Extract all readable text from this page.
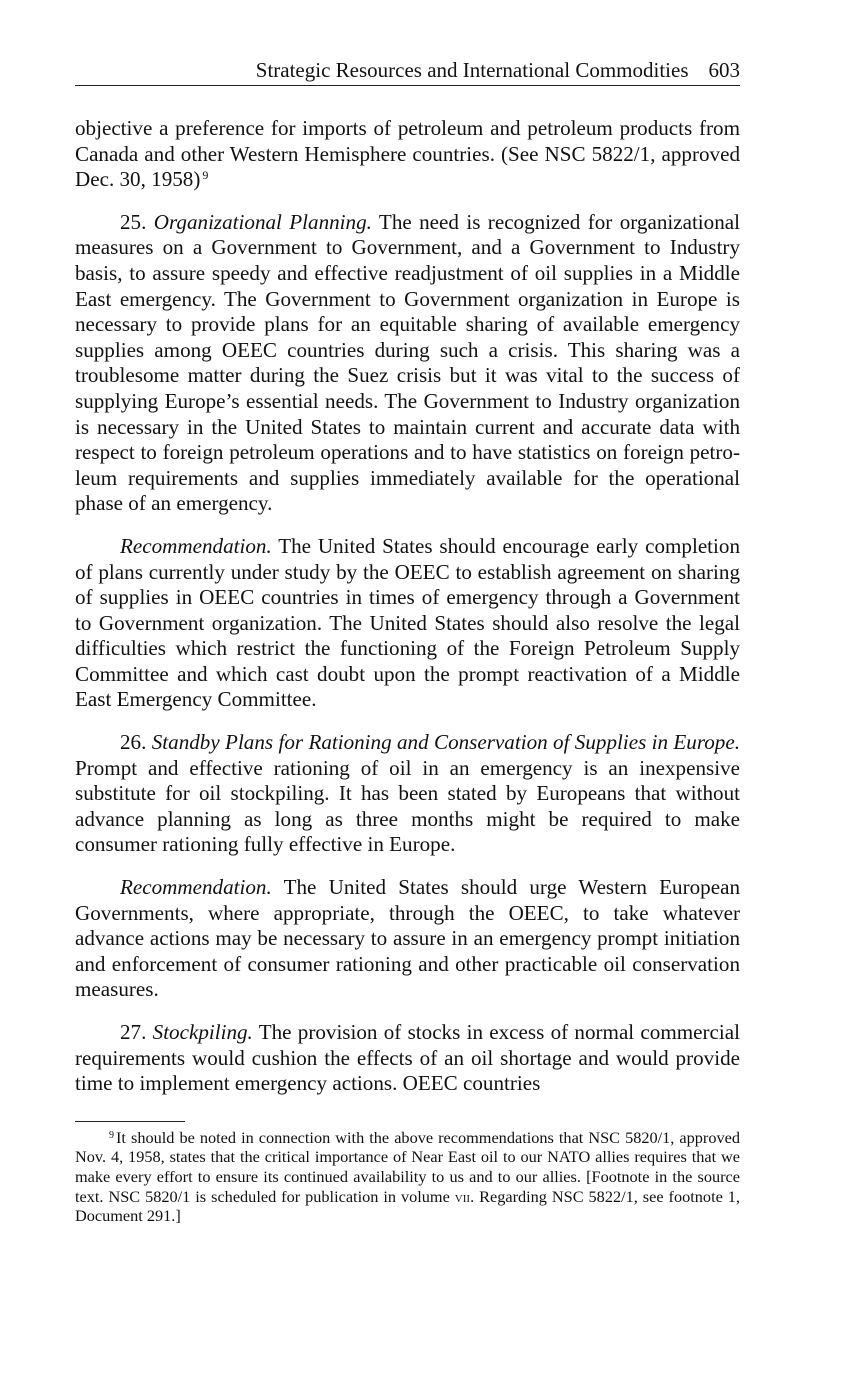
Strategic Resources and International Commodities 603

objective a preference for imports of petroleum and petroleum products from Canada and other Western Hemisphere countries. (See NSC 5822/1, approved Dec. 30, 1958) $^9$

25. Organizational Planning. The need is recognized for organizational measures on a Government to Government, and a Government to Industry basis, to assure speedy and effective readjustment of oil supplies in a Middle East emergency. The Government to Government organization in Europe is necessary to provide plans for an equitable sharing of available emergency supplies among OEEC countries during such a crisis. This sharing was a troublesome matter during the Suez crisis but it was vital to the success of supplying Europe’s essential needs. The Government to Industry organization is necessary in the United States to maintain current and accurate data with respect to foreign petroleum operations and to have statistics on foreign petroleum requirements and supplies immediately available for the operational phase of an emergency.

Recommendation. The United States should encourage early completion of plans currently under study by the OEEC to establish agreement on sharing of supplies in OEEC countries in times of emergency through a Government to Government organization. The United States should also resolve the legal difficulties which restrict the functioning of the Foreign Petroleum Supply Committee and which cast doubt upon the prompt reactivation of a Middle East Emergency Committee.

26. Standby Plans for Rationing and Conservation of Supplies in Europe. Prompt and effective rationing of oil in an emergency is an inexpensive substitute for oil stockpiling. It has been stated by Europeans that without advance planning as long as three months might be required to make consumer rationing fully effective in Europe.

Recommendation. The United States should urge Western European Governments, where appropriate, through the OEEC, to take whatever advance actions may be necessary to assure in an emergency prompt initiation and enforcement of consumer rationing and other practicable oil conservation measures.

27. Stockpiling. The provision of stocks in excess of normal commercial requirements would cushion the effects of an oil shortage and would provide time to implement emergency actions. OEEC countries

$^9$ It should be noted in connection with the above recommendations that NSC 5820/1, approved Nov. 4, 1958, states that the critical importance of Near East oil to our NATO allies requires that we make every effort to ensure its continued availability to us and to our allies. [Footnote in the source text. NSC 5820/1 is scheduled for publication in volume vii. Regarding NSC 5822/1, see footnote 1, Document 291.]
